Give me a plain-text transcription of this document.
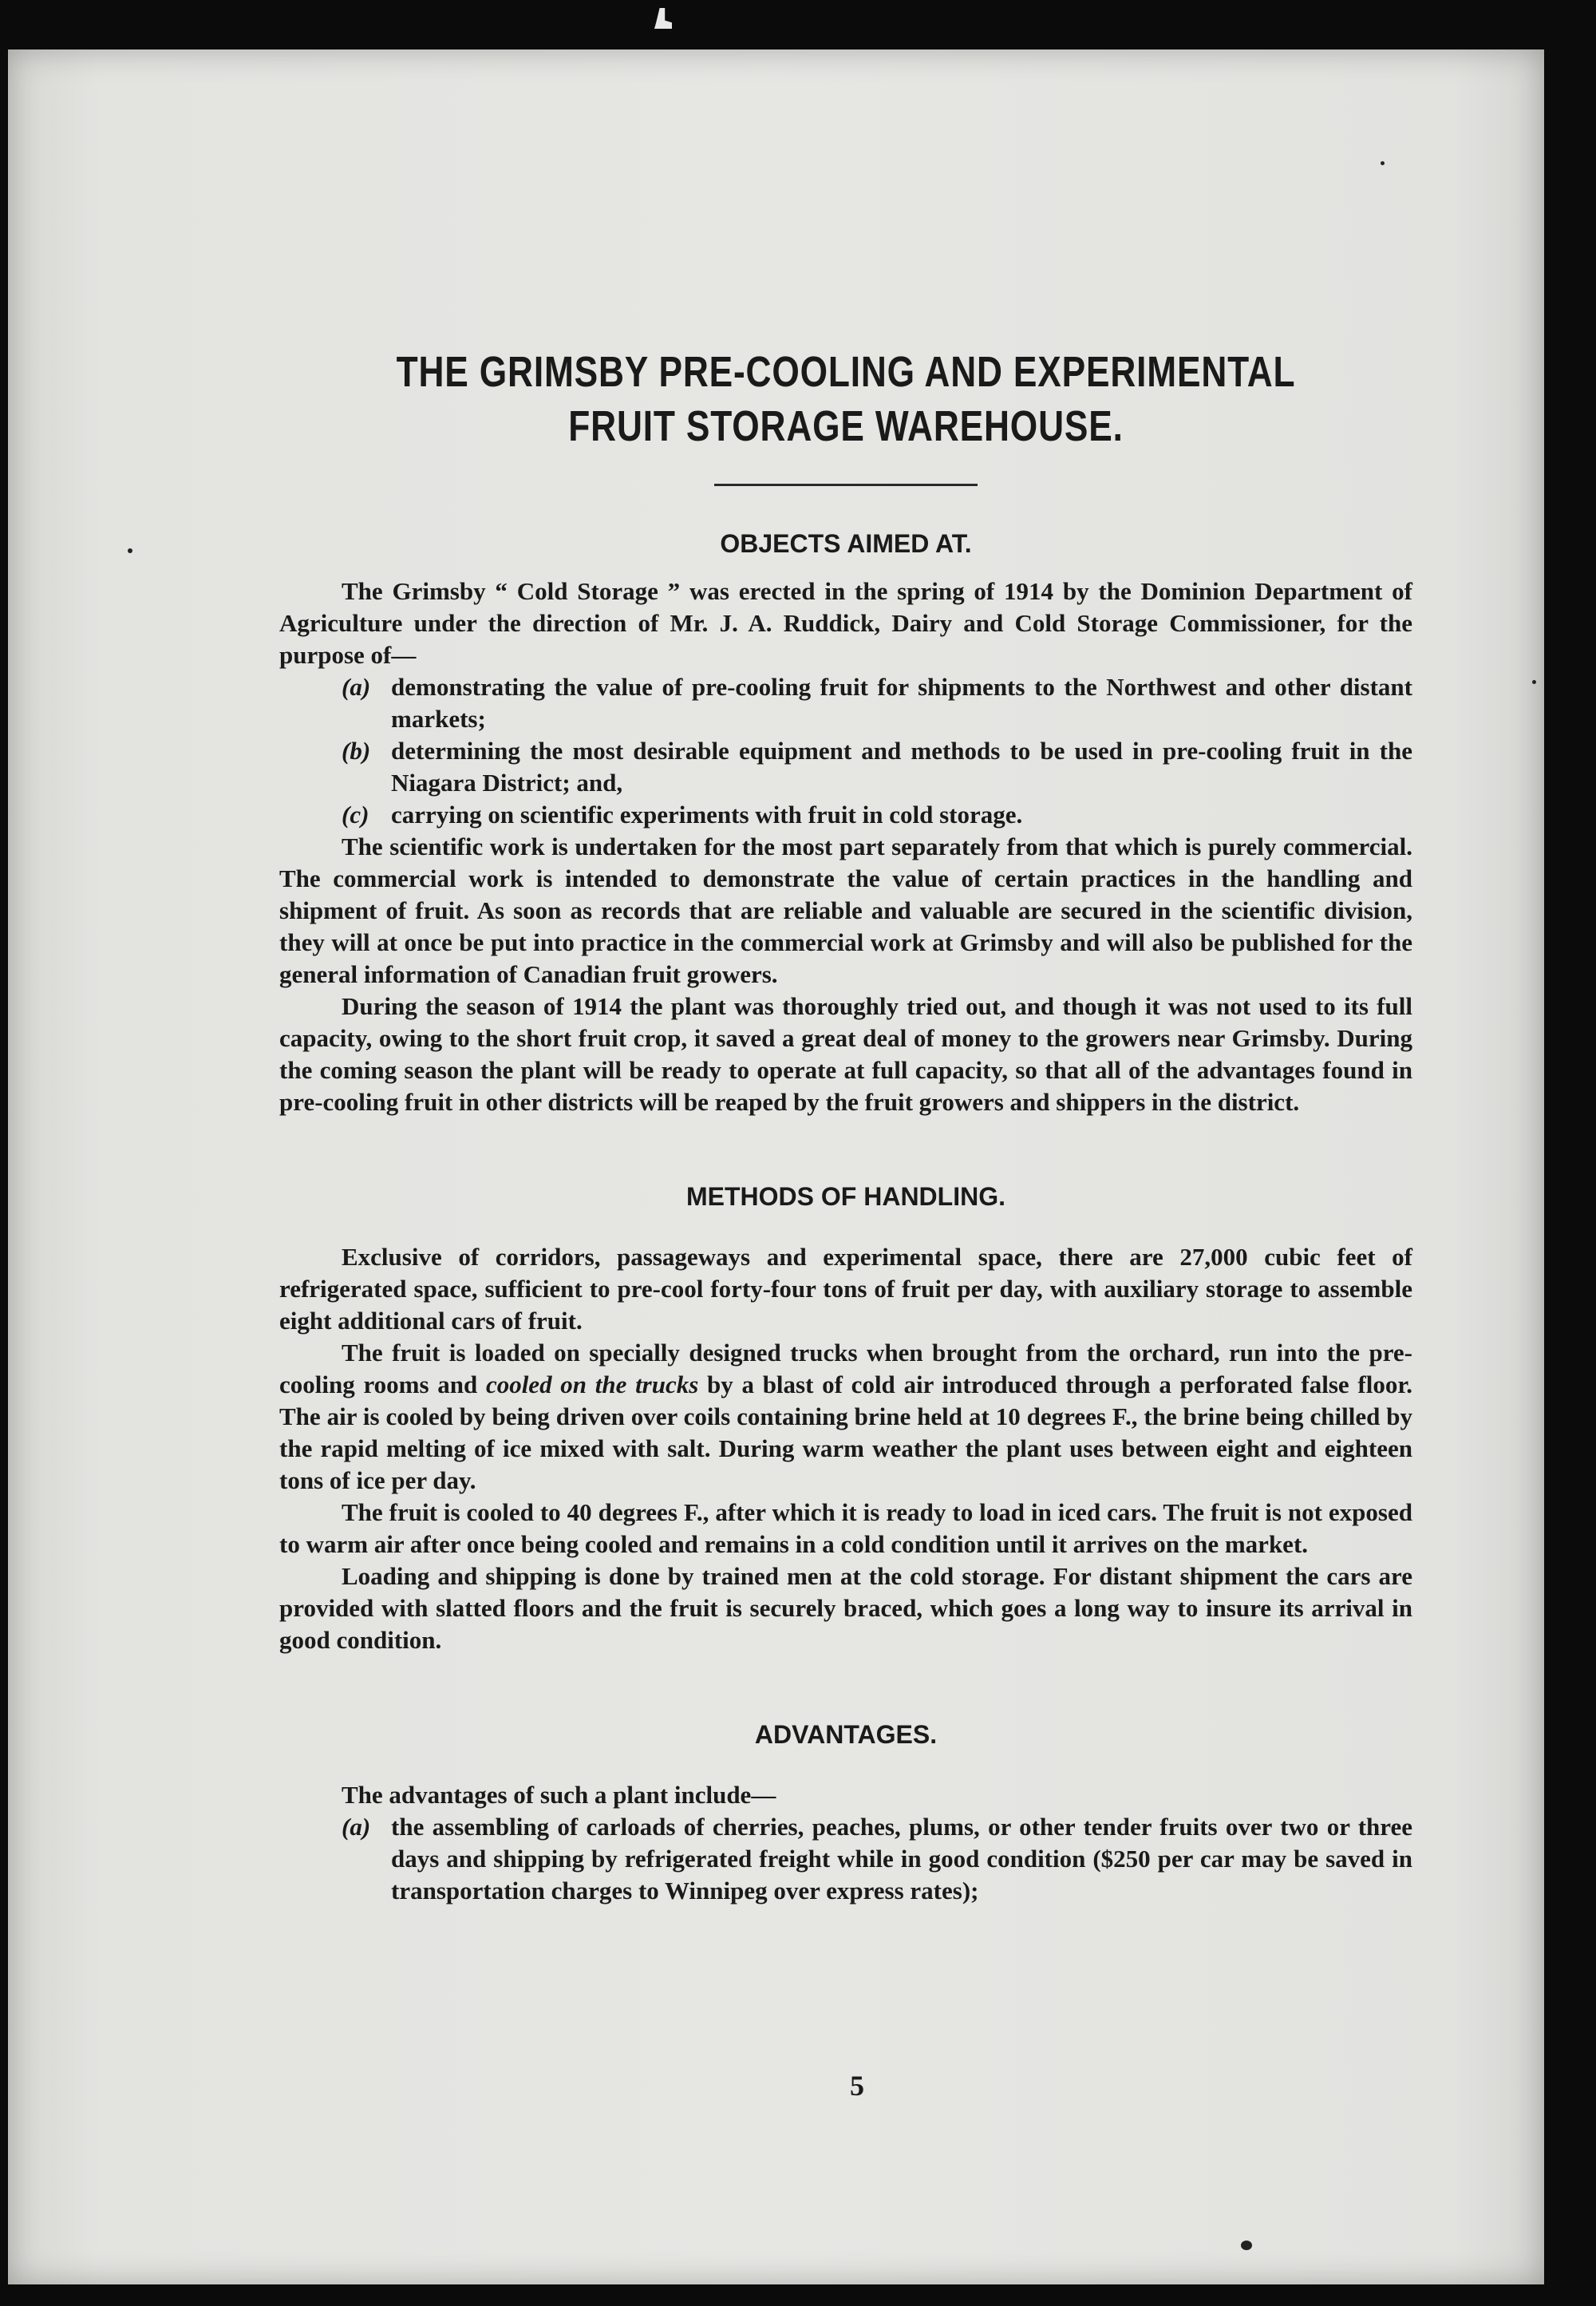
THE GRIMSBY PRE-COOLING AND EXPERIMENTAL FRUIT STORAGE WAREHOUSE.
OBJECTS AIMED AT.

The Grimsby “ Cold Storage ” was erected in the spring of 1914 by the Dominion Department of Agriculture under the direction of Mr. J. A. Ruddick, Dairy and Cold Storage Commissioner, for the purpose of—

(a) demonstrating the value of pre-cooling fruit for shipments to the Northwest and other distant markets;
(b) determining the most desirable equipment and methods to be used in pre-cooling fruit in the Niagara District; and,
(c) carrying on scientific experiments with fruit in cold storage.

The scientific work is undertaken for the most part separately from that which is purely commercial. The commercial work is intended to demonstrate the value of certain practices in the handling and shipment of fruit. As soon as records that are reliable and valuable are secured in the scientific division, they will at once be put into practice in the commercial work at Grimsby and will also be published for the general information of Canadian fruit growers.

During the season of 1914 the plant was thoroughly tried out, and though it was not used to its full capacity, owing to the short fruit crop, it saved a great deal of money to the growers near Grimsby. During the coming season the plant will be ready to operate at full capacity, so that all of the advantages found in pre-cooling fruit in other districts will be reaped by the fruit growers and shippers in the district.

METHODS OF HANDLING.

Exclusive of corridors, passageways and experimental space, there are 27,000 cubic feet of refrigerated space, sufficient to pre-cool forty-four tons of fruit per day, with auxiliary storage to assemble eight additional cars of fruit.

The fruit is loaded on specially designed trucks when brought from the orchard, run into the pre-cooling rooms and cooled on the trucks by a blast of cold air introduced through a perforated false floor. The air is cooled by being driven over coils containing brine held at 10 degrees F., the brine being chilled by the rapid melting of ice mixed with salt. During warm weather the plant uses between eight and eighteen tons of ice per day.

The fruit is cooled to 40 degrees F., after which it is ready to load in iced cars. The fruit is not exposed to warm air after once being cooled and remains in a cold condition until it arrives on the market.

Loading and shipping is done by trained men at the cold storage. For distant shipment the cars are provided with slatted floors and the fruit is securely braced, which goes a long way to insure its arrival in good condition.

ADVANTAGES.

The advantages of such a plant include—

(a) the assembling of carloads of cherries, peaches, plums, or other tender fruits over two or three days and shipping by refrigerated freight while in good condition ($250 per car may be saved in transportation charges to Winnipeg over express rates);
5
